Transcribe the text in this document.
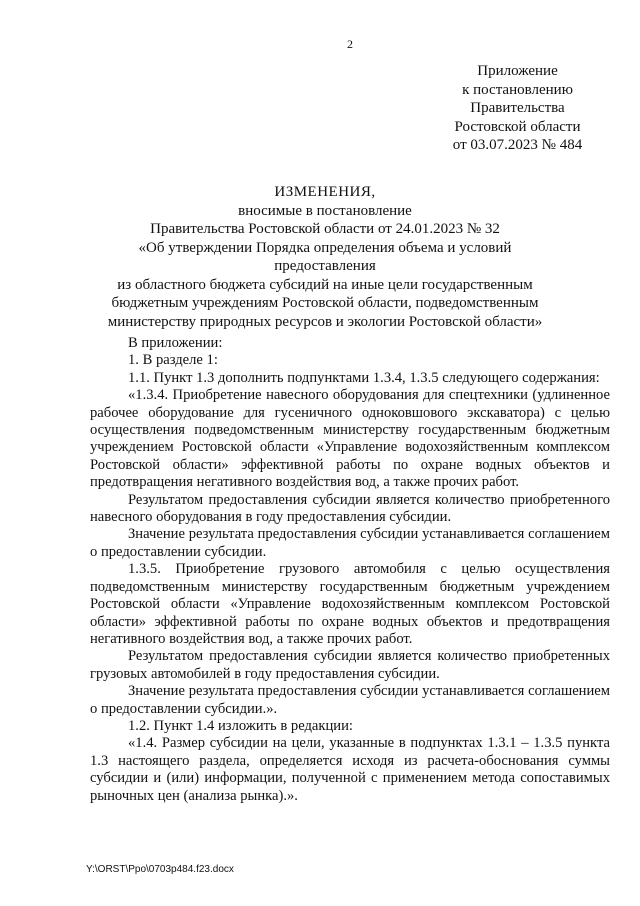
2
Приложение
к постановлению
Правительства
Ростовской области
от 03.07.2023 № 484
ИЗМЕНЕНИЯ,
вносимые в постановление
Правительства Ростовской области от 24.01.2023 № 32
«Об утверждении Порядка определения объема и условий предоставления
из областного бюджета субсидий на иные цели государственным
бюджетным учреждениям Ростовской области, подведомственным
министерству природных ресурсов и экологии Ростовской области»

В приложении:

1. В разделе 1:

1.1. Пункт 1.3 дополнить подпунктами 1.3.4, 1.3.5 следующего содержания:

«1.3.4. Приобретение навесного оборудования для спецтехники (удлиненное рабочее оборудование для гусеничного одноковшового экскаватора) с целью осуществления подведомственным министерству государственным бюджетным учреждением Ростовской области «Управление водохозяйственным комплексом Ростовской области» эффективной работы по охране водных объектов и предотвращения негативного воздействия вод, а также прочих работ.

Результатом предоставления субсидии является количество приобретенного навесного оборудования в году предоставления субсидии.

Значение результата предоставления субсидии устанавливается соглашением о предоставлении субсидии.

1.3.5. Приобретение грузового автомобиля с целью осуществления подведомственным министерству государственным бюджетным учреждением Ростовской области «Управление водохозяйственным комплексом Ростовской области» эффективной работы по охране водных объектов и предотвращения негативного воздействия вод, а также прочих работ.

Результатом предоставления субсидии является количество приобретенных грузовых автомобилей в году предоставления субсидии.

Значение результата предоставления субсидии устанавливается соглашением о предоставлении субсидии.».

1.2. Пункт 1.4 изложить в редакции:

«1.4. Размер субсидии на цели, указанные в подпунктах 1.3.1 – 1.3.5 пункта 1.3 настоящего раздела, определяется исходя из расчета-обоснования суммы субсидии и (или) информации, полученной с применением метода сопоставимых рыночных цен (анализа рынка).».

Y:\ORST\Ppo\0703p484.f23.docx
